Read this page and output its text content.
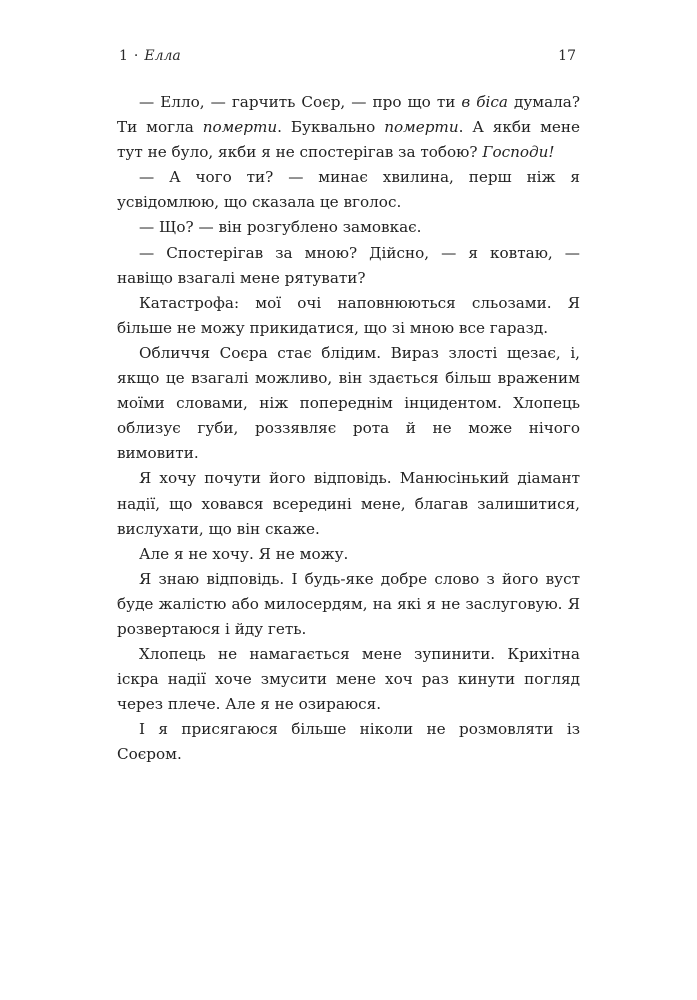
1 · Елла	17

— Елло, — гарчить Соєр, — про що ти в біса думала? Ти могла померти. Буквально померти. А якби мене тут не було, якби я не спостерігав за тобою? Господи!

— А чого ти? — минає хвилина, перш ніж я усвідомлюю, що сказала це вголос.

— Що? — він розгублено замовкає.

— Спостерігав за мною? Дійсно, — я ковтаю, — навіщо взагалі мене рятувати?

Катастрофа: мої очі наповнюються сльозами. Я більше не можу прикидатися, що зі мною все гаразд.

Обличчя Соєра стає блідим. Вираз злості щезає, і, якщо це взагалі можливо, він здається більш враженим моїми словами, ніж попереднім інцидентом. Хлопець облизує губи, роззявляє рота й не може нічого вимовити.

Я хочу почути його відповідь. Манюсінький діамант надії, що ховався всередині мене, благав залишитися, вислухати, що він скаже.

Але я не хочу. Я не можу.

Я знаю відповідь. І будь-яке добре слово з його вуст буде жалістю або милосердям, на які я не заслуговую. Я розвертаюся і йду геть.

Хлопець не намагається мене зупинити. Крихітна іскра надії хоче змусити мене хоч раз кинути погляд через плече. Але я не озираюся.

І я присягаюся більше ніколи не розмовляти із Соєром.
